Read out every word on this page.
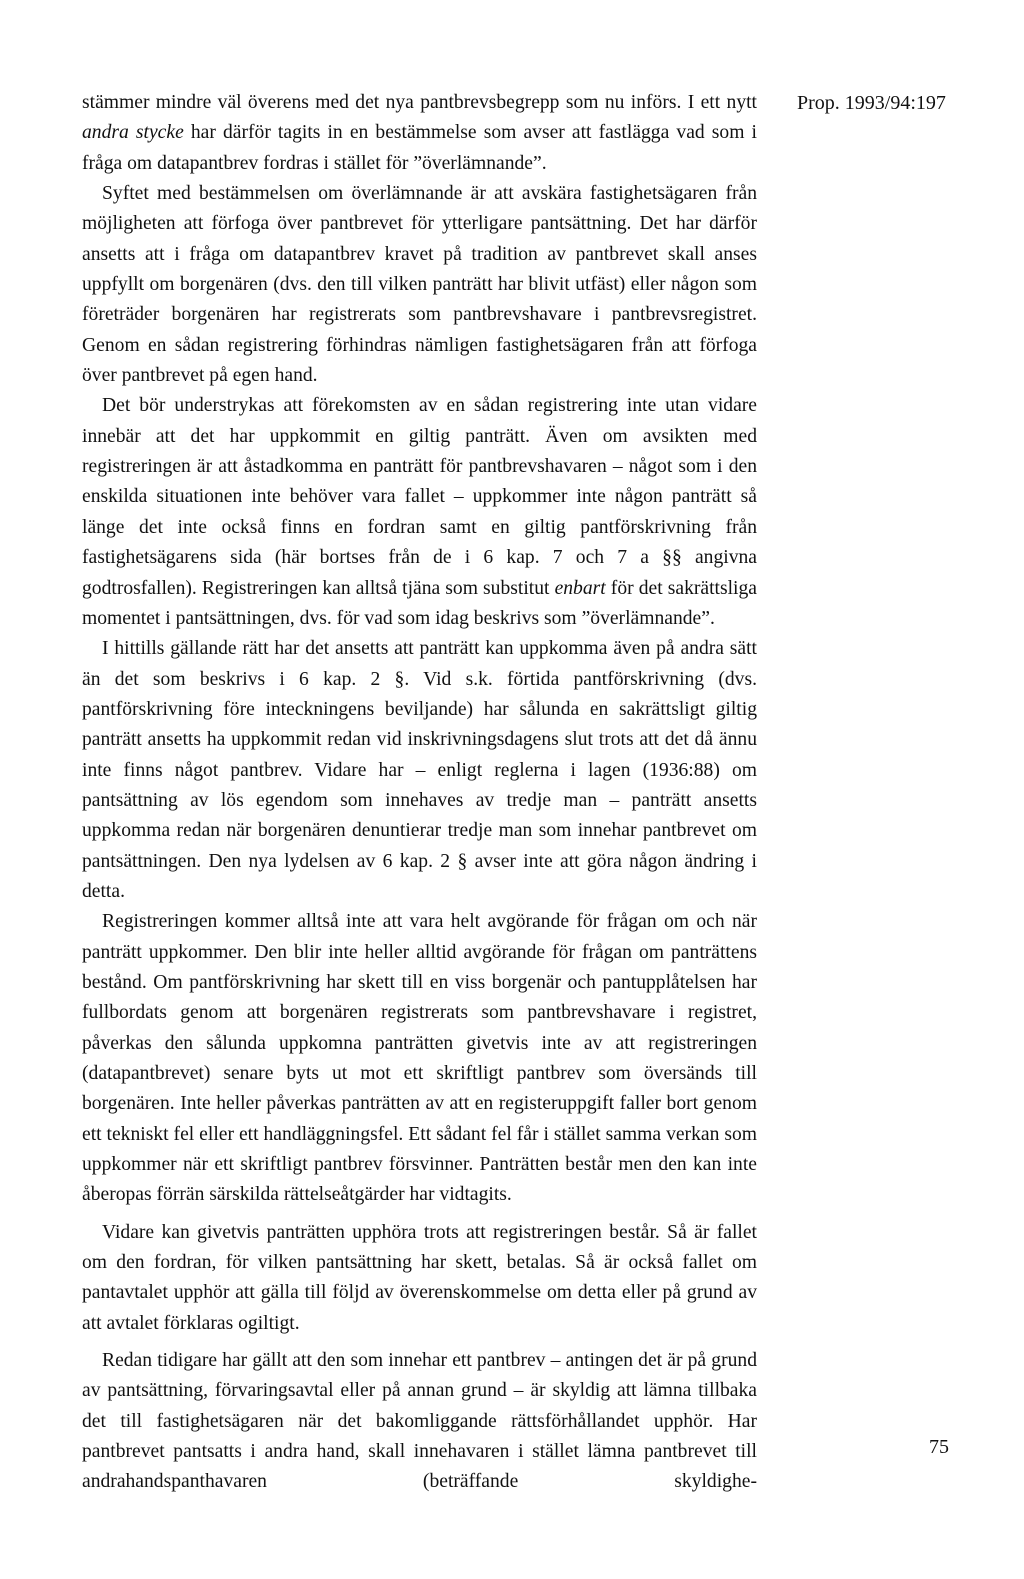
Prop. 1993/94:197

stämmer mindre väl överens med det nya pantbrevsbegrepp som nu införs. I ett nytt andra stycke har därför tagits in en bestämmelse som avser att fastlägga vad som i fråga om datapantbrev fordras i stället för ”överlämnande”.

Syftet med bestämmelsen om överlämnande är att avskära fastighetsägaren från möjligheten att förfoga över pantbrevet för ytterligare pantsättning. Det har därför ansetts att i fråga om datapantbrev kravet på tradition av pantbrevet skall anses uppfyllt om borgenären (dvs. den till vilken panträtt har blivit utfäst) eller någon som företräder borgenären har registrerats som pantbrevshavare i pantbrevsregistret. Genom en sådan registrering förhindras nämligen fastighetsägaren från att förfoga över pantbrevet på egen hand.

Det bör understrykas att förekomsten av en sådan registrering inte utan vidare innebär att det har uppkommit en giltig panträtt. Även om avsikten med registreringen är att åstadkomma en panträtt för pantbrevshavaren – något som i den enskilda situationen inte behöver vara fallet – uppkommer inte någon panträtt så länge det inte också finns en fordran samt en giltig pantförskrivning från fastighetsägarens sida (här bortses från de i 6 kap. 7 och 7 a §§ angivna godtrosfallen). Registreringen kan alltså tjäna som substitut enbart för det sakrättsliga momentet i pantsättningen, dvs. för vad som idag beskrivs som ”överlämnande”.

I hittills gällande rätt har det ansetts att panträtt kan uppkomma även på andra sätt än det som beskrivs i 6 kap. 2 §. Vid s.k. förtida pantförskrivning (dvs. pantförskrivning före inteckningens beviljande) har sålunda en sakrättsligt giltig panträtt ansetts ha uppkommit redan vid inskrivningsdagens slut trots att det då ännu inte finns något pantbrev. Vidare har – enligt reglerna i lagen (1936:88) om pantsättning av lös egendom som innehaves av tredje man – panträtt ansetts uppkomma redan när borgenären denuntierar tredje man som innehar pantbrevet om pantsättningen. Den nya lydelsen av 6 kap. 2 § avser inte att göra någon ändring i detta.

Registreringen kommer alltså inte att vara helt avgörande för frågan om och när panträtt uppkommer. Den blir inte heller alltid avgörande för frågan om panträttens bestånd. Om pantförskrivning har skett till en viss borgenär och pantupplåtelsen har fullbordats genom att borgenären registrerats som pantbrevshavare i registret, påverkas den sålunda uppkomna panträtten givetvis inte av att registreringen (datapantbrevet) senare byts ut mot ett skriftligt pantbrev som översänds till borgenären. Inte heller påverkas panträtten av att en registeruppgift faller bort genom ett tekniskt fel eller ett handläggningsfel. Ett sådant fel får i stället samma verkan som uppkommer när ett skriftligt pantbrev försvinner. Panträtten består men den kan inte åberopas förrän särskilda rättelseåtgärder har vidtagits.

Vidare kan givetvis panträtten upphöra trots att registreringen består. Så är fallet om den fordran, för vilken pantsättning har skett, betalas. Så är också fallet om pantavtalet upphör att gälla till följd av överenskommelse om detta eller på grund av att avtalet förklaras ogiltigt.

Redan tidigare har gällt att den som innehar ett pantbrev – antingen det är på grund av pantsättning, förvaringsavtal eller på annan grund – är skyldig att lämna tillbaka det till fastighetsägaren när det bakomliggande rättsförhållandet upphör. Har pantbrevet pantsatts i andra hand, skall innehavaren i stället lämna pantbrevet till andrahandspanthavaren (beträffande skyldighe-

75
